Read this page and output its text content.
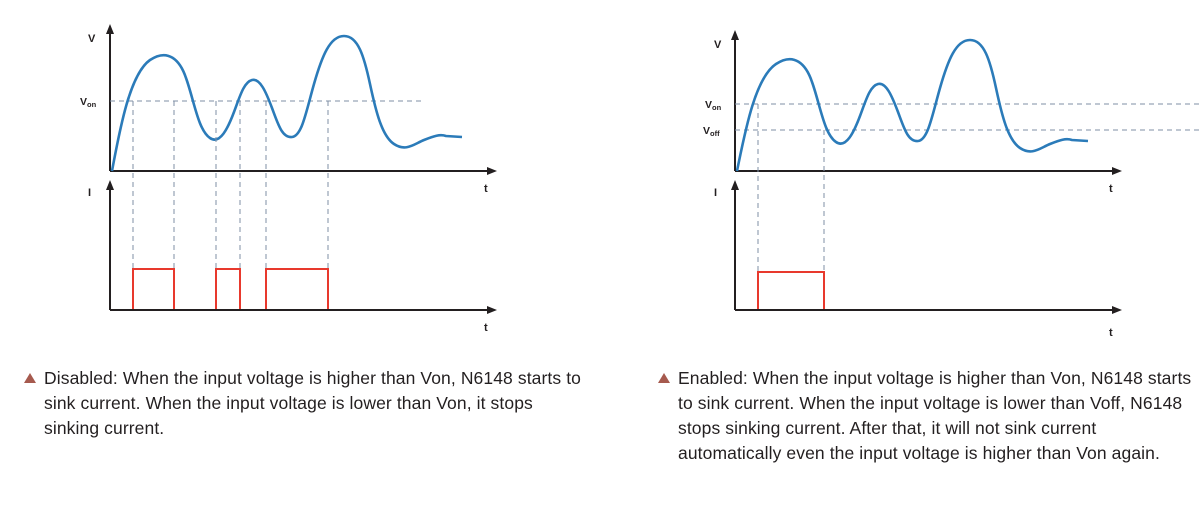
V
t
Von
I
t
Disabled: When the input voltage is higher than Von, N6148 starts to sink current. When the input voltage is lower than Von, it stops sinking current.
V
t
Von
Voff
I
t
Enabled: When the input voltage is higher than Von, N6148 starts to sink current. When the input voltage is lower than Voff, N6148 stops sinking current. After that, it will not sink current automatically even the input voltage is higher than Von again.
